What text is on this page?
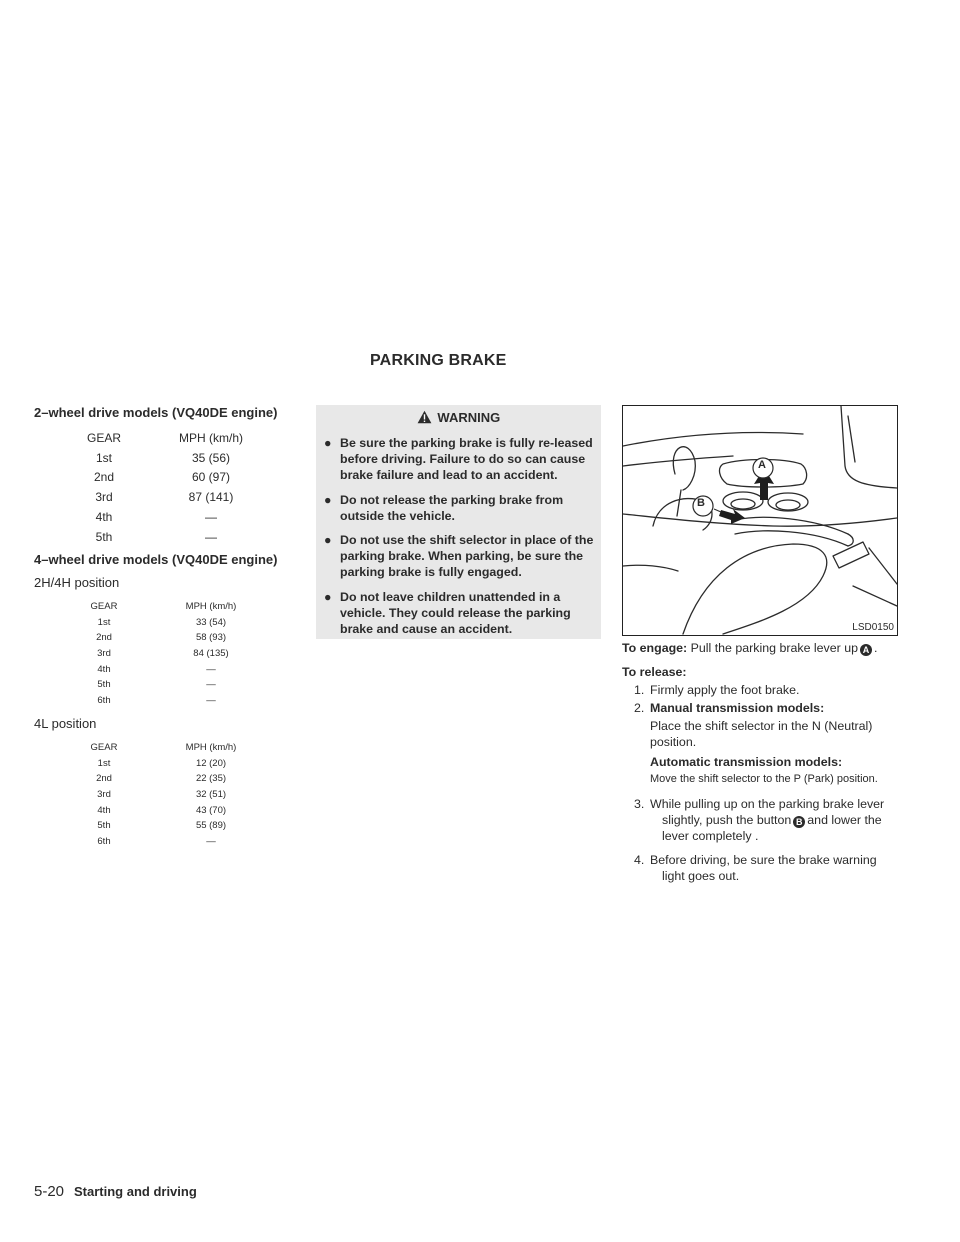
PARKING BRAKE
2–wheel drive models (VQ40DE engine)
GEAR	MPH (km/h)
1st	35 (56)
2nd	60 (97)
3rd	87 (141)
4th	—
5th	—
4–wheel drive models (VQ40DE engine)
2H/4H position
GEAR	MPH (km/h)
1st	33 (54)
2nd	58 (93)
3rd	84 (135)
4th	—
5th	—
6th	—
4L position
GEAR	MPH (km/h)
1st	12 (20)
2nd	22 (35)
3rd	32 (51)
4th	43 (70)
5th	55 (89)
6th	—
WARNING
● Be sure the parking brake is fully re-leased before driving. Failure to do so can cause brake failure and lead to an accident.
● Do not release the parking brake from outside the vehicle.
● Do not use the shift selector in place of the parking brake. When parking, be sure the parking brake is fully engaged.
● Do not leave children unattended in a vehicle. They could release the parking brake and cause an accident.
B
A
LSD0150
To engage: Pull the parking brake lever up A .
To release:
1. Firmly apply the foot brake.
2. Manual transmission models:
Place the shift selector in the N (Neutral)
position.
Automatic transmission models:
Move the shift selector to the P (Park) position.
3. While pulling up on the parking brake lever
slightly, push the button B and lower the
lever completely .
4. Before driving, be sure the brake warning
light goes out.
5-20 Starting and driving
